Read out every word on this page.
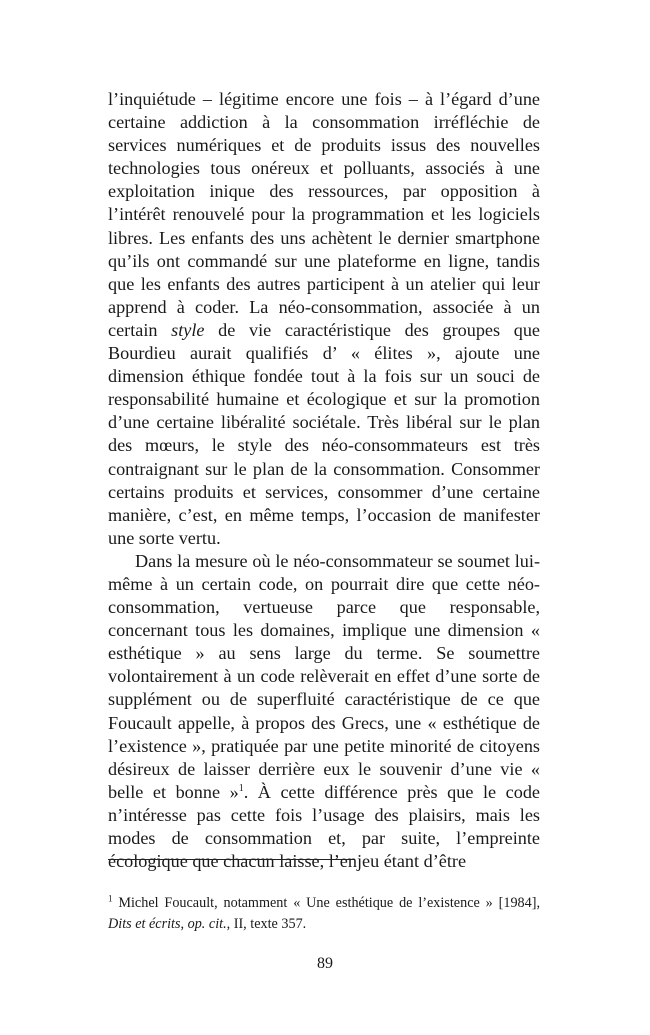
l’inquiétude – légitime encore une fois – à l’égard d’une certaine addiction à la consommation irréfléchie de services numériques et de produits issus des nouvelles technologies tous onéreux et polluants, associés à une exploitation inique des ressources, par opposition à l’intérêt renouvelé pour la programmation et les logiciels libres. Les enfants des uns achètent le dernier smartphone qu’ils ont commandé sur une plateforme en ligne, tandis que les enfants des autres participent à un atelier qui leur apprend à coder. La néo-consommation, associée à un certain style de vie caractéristique des groupes que Bourdieu aurait qualifiés d’ « élites », ajoute une dimension éthique fondée tout à la fois sur un souci de responsabilité humaine et écologique et sur la promotion d’une certaine libéralité sociétale. Très libéral sur le plan des mœurs, le style des néo-consommateurs est très contraignant sur le plan de la consommation. Consommer certains produits et services, consommer d’une certaine manière, c’est, en même temps, l’occasion de manifester une sorte vertu.

Dans la mesure où le néo-consommateur se soumet lui-même à un certain code, on pourrait dire que cette néo-consommation, vertueuse parce que responsable, concernant tous les domaines, implique une dimension « esthétique » au sens large du terme. Se soumettre volontairement à un code relèverait en effet d’une sorte de supplément ou de superfluité caractéristique de ce que Foucault appelle, à propos des Grecs, une « esthétique de l’existence », pratiquée par une petite minorité de citoyens désireux de laisser derrière eux le souvenir d’une vie « belle et bonne »$^1$. À cette différence près que le code n’intéresse pas cette fois l’usage des plaisirs, mais les modes de consommation et, par suite, l’empreinte écologique que chacun laisse, l’enjeu étant d’être

$^1$ Michel Foucault, notamment « Une esthétique de l’existence » [1984], Dits et écrits, op. cit., II, texte 357.

89
